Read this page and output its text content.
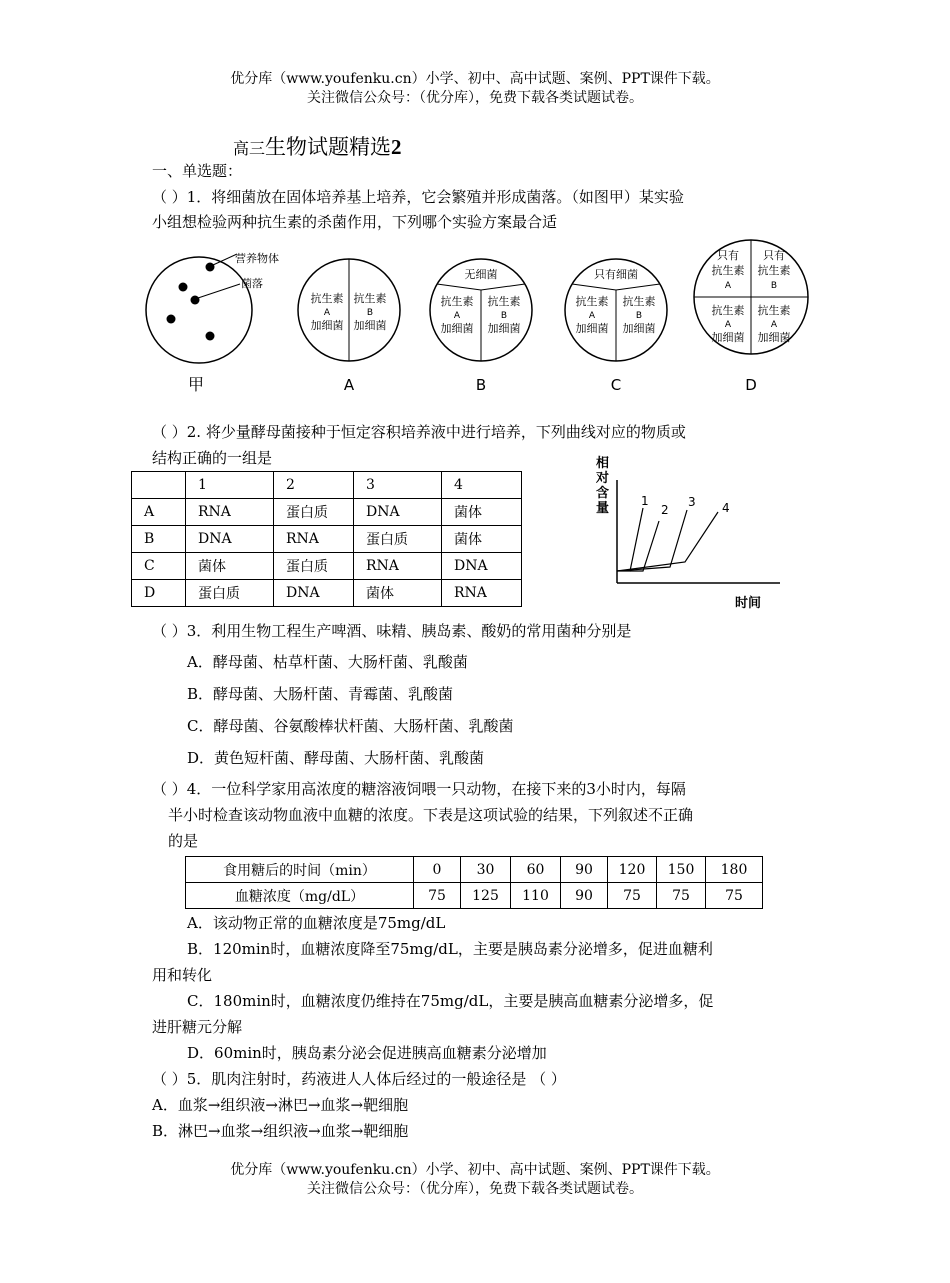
优分库（www.youfenku.cn）小学、初中、高中试题、案例、PPT课件下载。
关注微信公众号：（优分库），免费下载各类试题试卷。
高三生物试题精选2
一、单选题：
（ ）1．将细菌放在固体培养基上培养，它会繁殖并形成菌落。（如图甲）某实验
小组想检验两种抗生素的杀菌作用，下列哪个实验方案最合适
营养物体
菌落
甲
抗生素
A
加细菌
抗生素
B
加细菌
A
无细菌
抗生素
A
加细菌
抗生素
B
加细菌
B
只有细菌
抗生素
A
加细菌
抗生素
B
加细菌
C
只有
抗生素
A
只有
抗生素
B
抗生素
A
加细菌
抗生素
A
加细菌
D
（ ）2. 将少量酵母菌接种于恒定容积培养液中进行培养，下列曲线对应的物质或
结构正确的一组是
	1	2	3	4
A	RNA	蛋白质	DNA	菌体
B	DNA	RNA	蛋白质	菌体
C	菌体	蛋白质	RNA	DNA
D	蛋白质	DNA	菌体	RNA
相
对
含
量
时间
1
2
3 4
（ ）3．利用生物工程生产啤酒、味精、胰岛素、酸奶的常用菌种分别是
A．酵母菌、枯草杆菌、大肠杆菌、乳酸菌
B．酵母菌、大肠杆菌、青霉菌、乳酸菌
C．酵母菌、谷氨酸棒状杆菌、大肠杆菌、乳酸菌
D．黄色短杆菌、酵母菌、大肠杆菌、乳酸菌
（ ）4．一位科学家用高浓度的糖溶液饲喂一只动物，在接下来的3小时内，每隔
半小时检查该动物血液中血糖的浓度。下表是这项试验的结果，下列叙述不正确
的是
食用糖后的时间（min）	0	30	60	90	120	150	180
血糖浓度（mg/dL）	75	125	110	90	75	75	75
A．该动物正常的血糖浓度是75mg/dL
B．120min时，血糖浓度降至75mg/dL，主要是胰岛素分泌增多，促进血糖利
用和转化
C．180min时，血糖浓度仍维持在75mg/dL，主要是胰高血糖素分泌增多，促
进肝糖元分解
D．60min时，胰岛素分泌会促进胰高血糖素分泌增加
（ ）5．肌肉注射时，药液进人人体后经过的一般途径是 （ ）
A．血浆→组织液→淋巴→血浆→靶细胞
B．淋巴→血浆→组织液→血浆→靶细胞
优分库（www.youfenku.cn）小学、初中、高中试题、案例、PPT课件下载。
关注微信公众号：（优分库），免费下载各类试题试卷。
